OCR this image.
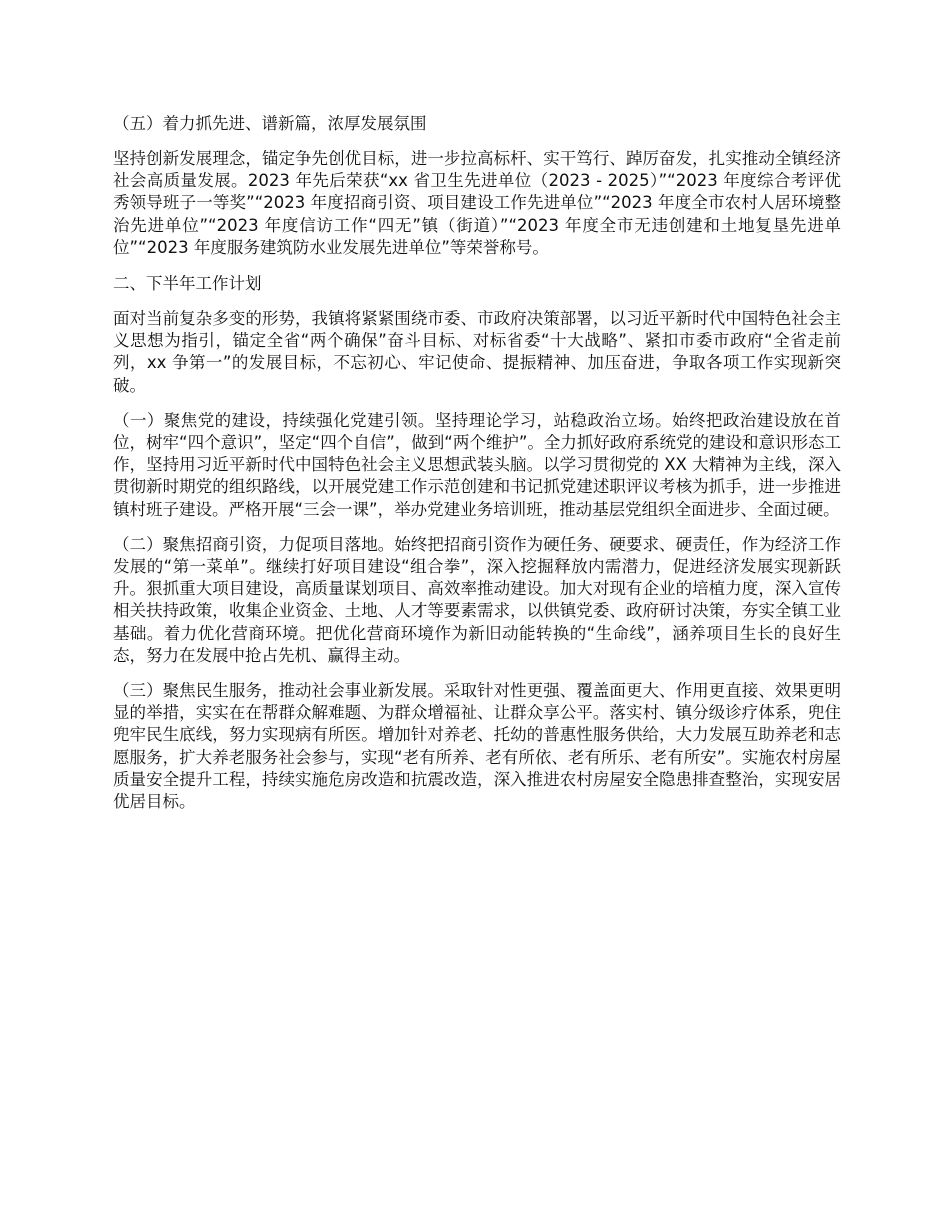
（五）着力抓先进、谱新篇，浓厚发展氛围

坚持创新发展理念，锚定争先创优目标，进一步拉高标杆、实干笃行、踔厉奋发，扎实推动全镇经济社会高质量发展。2023 年先后荣获“xx 省卫生先进单位（2023 - 2025）”“2023 年度综合考评优秀领导班子一等奖”“2023 年度招商引资、项目建设工作先进单位”“2023 年度全市农村人居环境整治先进单位”“2023 年度信访工作“四无”镇（街道）”“2023 年度全市无违创建和土地复垦先进单位”“2023 年度服务建筑防水业发展先进单位”等荣誉称号。

二、下半年工作计划

面对当前复杂多变的形势，我镇将紧紧围绕市委、市政府决策部署，以习近平新时代中国特色社会主义思想为指引，锚定全省“两个确保”奋斗目标、对标省委“十大战略”、紧扣市委市政府“全省走前列，xx 争第一”的发展目标，不忘初心、牢记使命、提振精神、加压奋进，争取各项工作实现新突破。

（一）聚焦党的建设，持续强化党建引领。坚持理论学习，站稳政治立场。始终把政治建设放在首位，树牢“四个意识”，坚定“四个自信”，做到“两个维护”。全力抓好政府系统党的建设和意识形态工作，坚持用习近平新时代中国特色社会主义思想武装头脑。以学习贯彻党的 XX 大精神为主线，深入贯彻新时期党的组织路线，以开展党建工作示范创建和书记抓党建述职评议考核为抓手，进一步推进镇村班子建设。严格开展“三会一课”，举办党建业务培训班，推动基层党组织全面进步、全面过硬。

（二）聚焦招商引资，力促项目落地。始终把招商引资作为硬任务、硬要求、硬责任，作为经济工作发展的“第一菜单”。继续打好项目建设“组合拳”，深入挖掘释放内需潜力，促进经济发展实现新跃升。狠抓重大项目建设，高质量谋划项目、高效率推动建设。加大对现有企业的培植力度，深入宣传相关扶持政策，收集企业资金、土地、人才等要素需求，以供镇党委、政府研讨决策，夯实全镇工业基础。着力优化营商环境。把优化营商环境作为新旧动能转换的“生命线”，涵养项目生长的良好生态，努力在发展中抢占先机、赢得主动。

（三）聚焦民生服务，推动社会事业新发展。采取针对性更强、覆盖面更大、作用更直接、效果更明显的举措，实实在在帮群众解难题、为群众增福祉、让群众享公平。落实村、镇分级诊疗体系，兜住兜牢民生底线，努力实现病有所医。增加针对养老、托幼的普惠性服务供给，大力发展互助养老和志愿服务，扩大养老服务社会参与，实现“老有所养、老有所依、老有所乐、老有所安”。实施农村房屋质量安全提升工程，持续实施危房改造和抗震改造，深入推进农村房屋安全隐患排查整治，实现安居优居目标。
